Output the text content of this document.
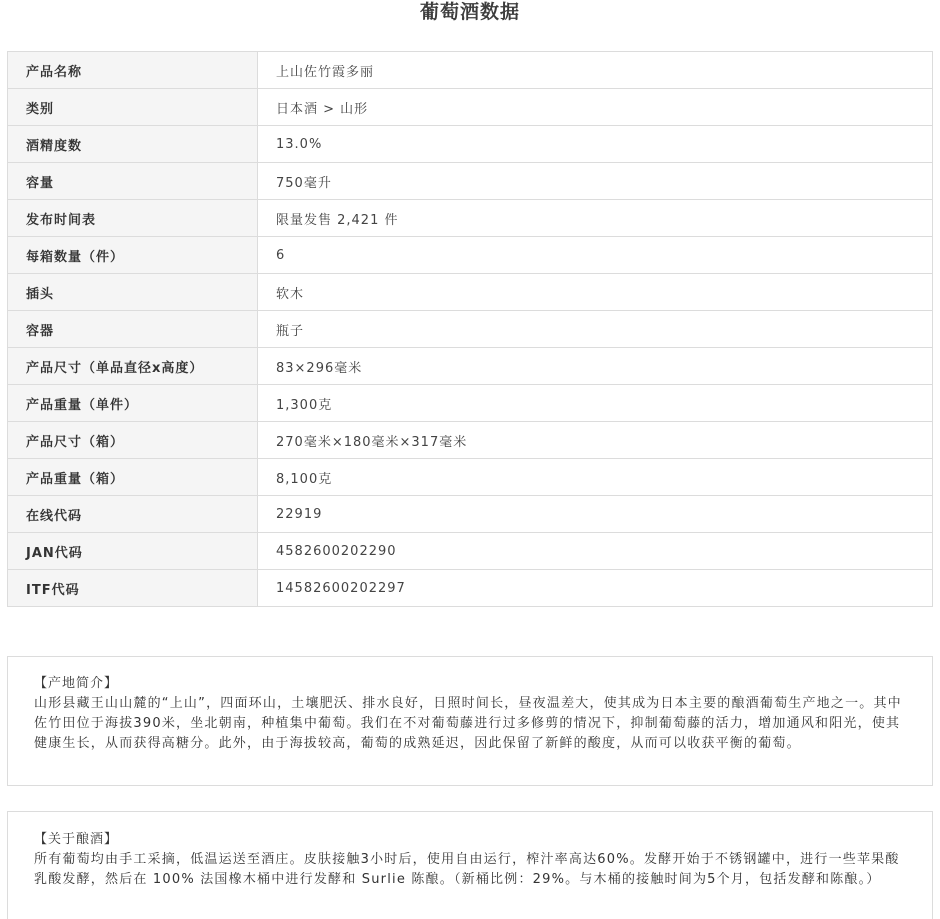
葡萄酒数据
产品名称	上山佐竹霞多丽
类别	日本酒 > 山形
酒精度数	13.0%
容量	750毫升
发布时间表	限量发售 2,421 件
每箱数量（件）	6
插头	软木
容器	瓶子
产品尺寸（单品直径x高度）	83×296毫米
产品重量（单件）	1,300克
产品尺寸（箱）	270毫米×180毫米×317毫米
产品重量（箱）	8,100克
在线代码	22919
JAN代码	4582600202290
ITF代码	14582600202297
【产地简介】
山形县藏王山山麓的“上山”，四面环山，土壤肥沃、排水良好，日照时间长，昼夜温差大，使其成为日本主要的酿酒葡萄生产地之一。其中佐竹田位于海拔390米，坐北朝南，种植集中葡萄。我们在不对葡萄藤进行过多修剪的情况下，抑制葡萄藤的活力，增加通风和阳光，使其健康生长，从而获得高糖分。此外，由于海拔较高，葡萄的成熟延迟，因此保留了新鲜的酸度，从而可以收获平衡的葡萄。
【关于酿酒】
所有葡萄均由手工采摘，低温运送至酒庄。皮肤接触3小时后，使用自由运行，榨汁率高达60%。发酵开始于不锈钢罐中，进行一些苹果酸乳酸发酵，然后在 100% 法国橡木桶中进行发酵和 Surlie 陈酿。（新桶比例：29%。与木桶的接触时间为5个月，包括发酵和陈酿。）
